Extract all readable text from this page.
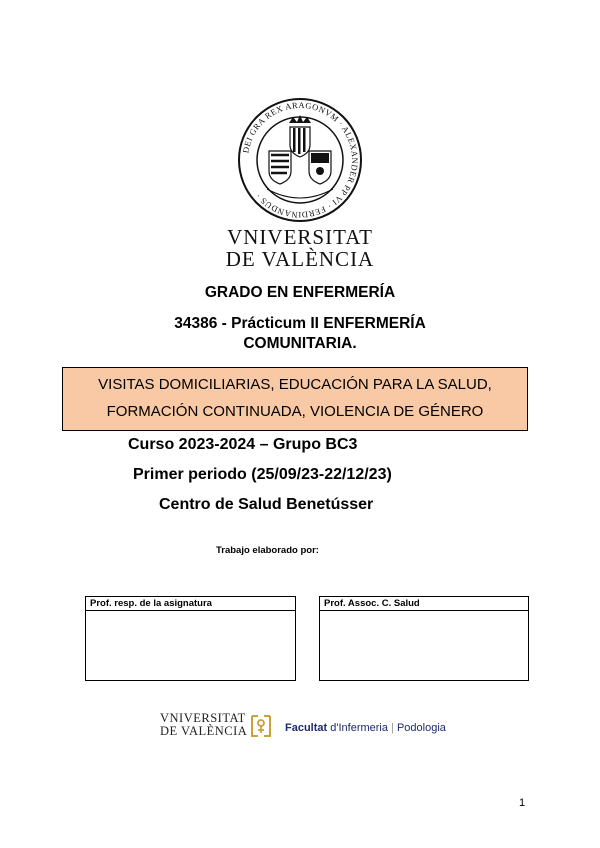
DEI GRA REX ARAGONVM · ALEXANDER PP VI · FERDINANDUS ·
VNIVERSITAT
DE VALÈNCIA
GRADO EN ENFERMERÍA
34386 - Prácticum II ENFERMERÍA
COMUNITARIA.
VISITAS DOMICILIARIAS, EDUCACIÓN PARA LA SALUD,
FORMACIÓN CONTINUADA, VIOLENCIA DE GÉNERO
Curso 2023-2024 – Grupo BC3
Primer periodo (25/09/23-22/12/23)
Centro de Salud Benetússer
Trabajo elaborado por:
Prof. resp. de la asignatura	Prof. Assoc. C. Salud
VNIVERSITAT
DE VALÈNCIA	Facultat d'Infermeria | Podologia
1
